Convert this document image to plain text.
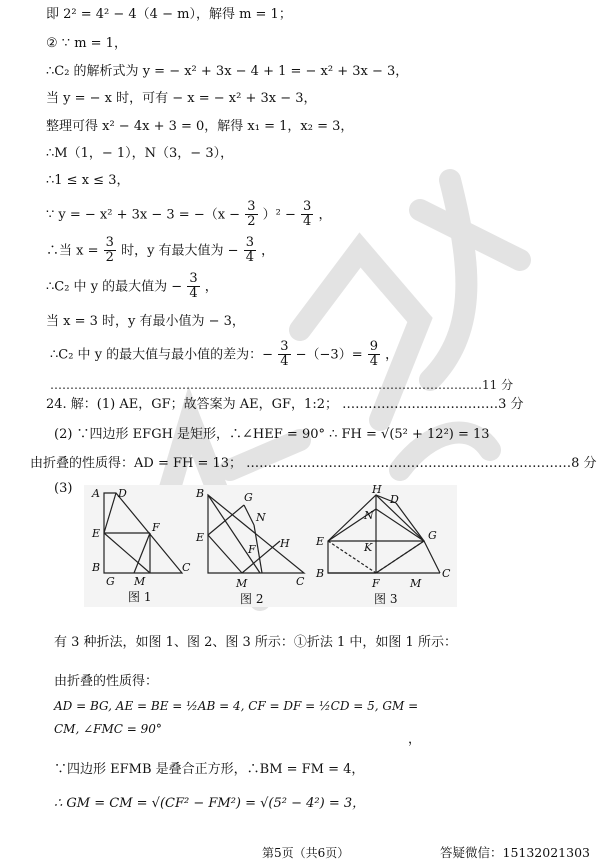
即 2² = 4² − 4（4 − m），解得 m = 1；
② ∵ m = 1，
∴C₂ 的解析式为 y = − x² + 3x − 4 + 1 = − x² + 3x − 3，
当 y = − x 时，可有 − x = − x² + 3x − 3，
整理可得 x² − 4x + 3 = 0，解得 x₁ = 1，x₂ = 3，
∴M（1，− 1），N（3，− 3），
∴1 ≤ x ≤ 3，
∵ y = − $x^2 + 3x - 3 = -(x - \frac{3}{2} )^2 - \frac{3}{4}$ ，
∴当 $x = \frac{3}{2}$ 时，y 有最大值为 − $\frac{3}{4}$ ，
∴C₂ 中 y 的最大值为 − $\frac{3}{4}$ ，
当 x = 3 时，y 有最小值为 − 3，
∴C₂ 中 y 的最大值与最小值的差为：− $\frac{3}{4} -(-3)= \frac{9}{4}$ ，
………………………………………………………………………………………………11 分
24. 解：(1) AE，GF；故答案为 AE，GF，1:2； ………………………………3 分
(2) ∵四边形 EFGH 是矩形，∴∠HEF = 90° ∴ FH = √(5² + 12²) = 13
由折叠的性质得：AD = FH = 13； …………………………………………………………………8 分
(3) A D
E	F
B
G M
C
B	G
N
E
F H
M	C
H
D
N
E	G
K
B
F	M
C
图 1	图 2	图 3
有 3 种折法，如图 1、图 2、图 3 所示：①折法 1 中，如图 1 所示：
由折叠的性质得：
AD = BG, AE = BE = ½AB = 4, CF = DF = ½CD = 5, GM =
CM, ∠FMC = 90°
，
∵四边形 EFMB 是叠合正方形，∴BM = FM = 4，
∴ GM = CM = √(CF² − FM²) = √(5² − 4²) = 3，
第5页（共6页）	答疑微信：15132021303
